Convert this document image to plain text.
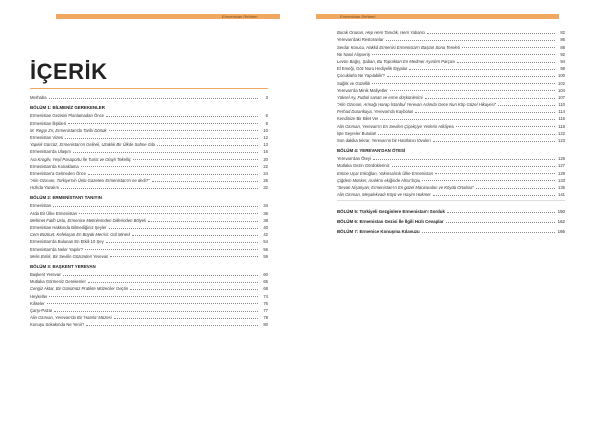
Ermenistan Rehberi	Ermenistan Rehberi
İÇERİK
Merhaba	3
BÖLÜM 1: BİLMENİZ GEREKENLER
Ermenistan Gezisini Planlamadan Önce	6
Ermenistan İlişkileri	8
M. Regıp Zır, Ermenistan'da Tarihi Dönük	10
Ermenistan Vizesi	12
Yapılık Gürcüz, Ermenistan'ın Gelireli, Uzaklık Bir Ülkde Sahne Gibi	13
Ermenistan'da Ulaşım	16
Ara Krogliv, Yeşil Pasaportu İle Turist ve Olaylı Tekelliç	20
Ermenistan'da Konaklama	22
Ermenistan'a Gelmeden Önce	24
"Alin Ozınıan, Türkiye'nin Ünlü Gazetesi Ermenistan'ın ne dedi?"	26
Hızlıda Yazalım	32
BÖLÜM 2: ERMENİSTAN'I TANIYIN
Ermenistan	34
Arda Bir Ülke Ermenistan	36
Mehmet Fatih Uslu, Ermenice Metinlerinden Dillerinden Bölyeli	38
Ermenistan Hakkında Bilmediğiniz Şeyler	40
Cem Bozkurt, Kefelaşan En Büyük Merrisi: Gül Minerli	42
Ermenistan'da Bulunan En Etkili 10 Şey	54
Ermenistan'da Neler Yapılır?	56
Melis Bırlık, Bir Sevilin Gözünden Yerevan	59
BÖLÜM 3: BAŞKENT YEREVAN
Başkent Yerevan	60
Mutlaka Görmeniz Gerekenler	65
Cengiz Aktar, Bir Günümüz Pratikte Müzeciler Geçtin	68
Heykeller	74
Kiliseler	76
Çarşı-Pazar	77
Alin Ozınıan, Yerevan'da Bir 'Hatırla' Müzesi	78
Konuşu Sokakında Ne Yenir?	80
Burak Onaran, Hep Hem Tanıdık, Hem Yabancı	82
Yerevan'daki Restoranlar	86
Serdar Korucu, Hakkâ Ermenisi Ermenistan'ı Baştan Sona Tereleti	88
Ne Nasıl Alışveriş	92
Levon Bağış, Şaban, Bu Topraktan En Medmer Ayırdım Parçası	94
El Emeği, Göz Nuru Hediyelik Eşyalar	98
Çocuklarla Ne Yapılabilir?	100
Sağlık ve Güzellik	102
Yerevan'da Minik Maliyetler	104
Yüksel Ay, Futbol sanatı ve erme düşkünlerimi	107
"Alin Ozınıan, Armağı Harap İstanbul Yerevan Aslında Gece Nun Köp Güzel Hikayesi"	110
Ferhad Durankaya, Yerevan'da Kaybolun	114
Kendinize Bir Bilet Ver	116
Alin Ozınıan, Yerevan'ın En Sevilen Çiçekçiye Yerlerin Hikâyesi	118
İşte Seyreler Buralar!	122
Son dakika tekrar, Yerevan'ın bir Hatırlatıcı tövuleri	123
BÖLÜM 4: YEREVAN'DAN ÖTESİ
Yerevan'dan Öteyi	126
Mutlaka Gezin Gördükleriniz	127
Emine Uçar Erkoğlan, Yakınsalıcık Ülke Ermenistan	129
Çiğdem Müsker, Aralık'ın ekiğinde Ahsır'la'pu	133
"Sevan Nişanyan, Ermenistan'ın En güzel Manzaraları ve Köyüü Ortalara"	135
Alin Ozınıan, Meşalekvadı Köyü ve Haşim Hükmer	141
BÖLÜM 5: Türkiyeli Gezginlere Ermenistan'ı Sorduk	150
BÖLÜM 6: Ermenistan Gezisi İle İlgili Hızlı Cevaplar	162
BÖLÜM 7: Ermenice Konuşma Kılavuzu	166
